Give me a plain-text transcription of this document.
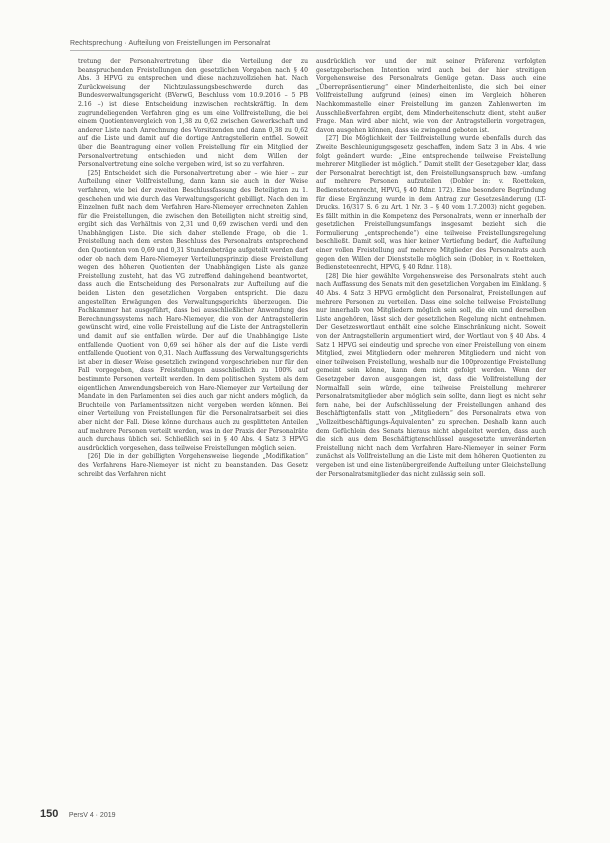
Rechtsprechung · Aufteilung von Freistellungen im Personalrat

tretung der Personalvertretung über die Verteilung der zu beanspruchenden Freistellungen den gesetzlichen Vorgaben nach § 40 Abs. 3 HPVG zu entsprechen und diese nachzuvollziehen hat. Nach Zurückweisung der Nichtzulassungsbeschwerde durch das Bundesverwaltungsgericht (BVerwG, Beschluss vom 10.9.2016 – 5 PB 2.16 –) ist diese Entscheidung inzwischen rechtskräftig. In dem zugrundeliegenden Verfahren ging es um eine Vollfreistellung, die bei einem Quotientenvergleich von 1,38 zu 0,62 zwischen Gewerkschaft und anderer Liste nach Anrechnung des Vorsitzenden und dann 0,38 zu 0,62 auf die Liste und damit auf die dortige Antragstellerin entfiel. Soweit über die Beantragung einer vollen Freistellung für ein Mitglied der Personalvertretung entschieden und nicht dem Willen der Personalvertretung eine solche vergeben wird, ist so zu verfahren.

[25] Entscheidet sich die Personalvertretung aber – wie hier – zur Aufteilung einer Vollfreistellung, dann kann sie auch in der Weise verfahren, wie bei der zweiten Beschlussfassung des Beteiligten zu 1. geschehen und wie durch das Verwaltungsgericht gebilligt. Nach den im Einzelnen fußt nach dem Verfahren Hare-Niemeyer errechneten Zahlen für die Freistellungen, die zwischen den Beteiligten nicht streitig sind, ergibt sich das Verhältnis von 2,31 und 0,69 zwischen verdi und den Unabhängigen Liste. Die sich daher stellende Frage, ob die 1. Freistellung nach dem ersten Beschluss des Personalrats entsprechend den Quotienten von 0,69 und 0,31 Stundenbeträge aufgeteilt werden darf oder ob nach dem Hare-Niemeyer Verteilungsprinzip diese Freistellung wegen des höheren Quotienten der Unabhängigen Liste als ganze Freistellung zusteht, hat das VG zutreffend dahingehend beantwortet, dass auch die Entscheidung des Personalrats zur Aufteilung auf die beiden Listen den gesetzlichen Vorgaben entspricht. Die dazu angestellten Erwägungen des Verwaltungsgerichts überzeugen. Die Fachkammer hat ausgeführt, dass bei ausschließlicher Anwendung des Berechnungssystems nach Hare-Niemeyer, die von der Antragstellerin gewünscht wird, eine volle Freistellung auf die Liste der Antragstellerin und damit auf sie entfallen würde. Der auf die Unabhängige Liste entfallende Quotient von 0,69 sei höher als der auf die Liste verdi entfallende Quotient von 0,31. Nach Auffassung des Verwaltungsgerichts ist aber in dieser Weise gesetzlich zwingend vorgeschrieben nur für den Fall vorgegeben, dass Freistellungen ausschließlich zu 100% auf bestimmte Personen verteilt werden. In dem politischen System als dem eigentlichen Anwendungsbereich von Hare-Niemeyer zur Verteilung der Mandate in den Parlamenten sei dies auch gar nicht anders möglich, da Bruchteile von Parlamentssitzen nicht vergeben werden können. Bei einer Verteilung von Freistellungen für die Personalratsarbeit sei dies aber nicht der Fall. Diese könne durchaus auch zu gesplitteten Anteilen auf mehrere Personen verteilt werden, was in der Praxis der Personalräte auch durchaus üblich sei. Schließlich sei in § 40 Abs. 4 Satz 3 HPVG ausdrücklich vorgesehen, dass teilweise Freistellungen möglich seien.

[26] Die in der gebilligten Vorgehensweise liegende „Modifikation“ des Verfahrens Hare-Niemeyer ist nicht zu beanstanden. Das Gesetz schreibt das Verfahren nicht

ausdrücklich vor und der mit seiner Präferenz verfolgten gesetzgeberischen Intention wird auch bei der hier streitigen Vorgehensweise des Personalrats Genüge getan. Dass auch eine „Überrepräsentierung“ einer Minderheitenliste, die sich bei einer Vollfreistellung aufgrund (eines) einen im Vergleich höheren Nachkommastelle einer Freistellung im ganzen Zahlenwerten im Ausschließverfahren ergibt, dem Minderheitenschutz dient, steht außer Frage. Man wird aber nicht, wie von der Antragstellerin vorgetragen, davon ausgehen können, dass sie zwingend geboten ist.

[27] Die Möglichkeit der Teilfreistellung wurde ebenfalls durch das Zweite Beschleunigungsgesetz geschaffen, indem Satz 3 in Abs. 4 wie folgt geändert wurde: „Eine entsprechende teilweise Freistellung mehrerer Mitglieder ist möglich.“ Damit stellt der Gesetzgeber klar, dass der Personalrat berechtigt ist, den Freistellungsanspruch bzw. -umfang auf mehrere Personen aufzuteilen (Dobler in: v. Roetteken, Bediensteteenrecht, HPVG, § 40 Rdnr. 172). Eine besondere Begründung für diese Ergänzung wurde in dem Antrag zur Gesetzesänderung (LT-Drucks. 16/317 S. 6 zu Art. 1 Nr. 3 – § 40 vom 1.7.2003) nicht gegeben. Es fällt mithin in die Kompetenz des Personalrats, wenn er innerhalb der gesetzlichen Freistellungsumfangs insgesamt bezieht sich die Formulierung „entsprechende“) eine teilweise Freistellungsregelung beschließt. Damit soll, was hier keiner Vertiefung bedarf, die Aufteilung einer vollen Freistellung auf mehrere Mitglieder des Personalrats auch gegen den Willen der Dienststelle möglich sein (Dobler, in v. Roetteken, Bediensteteenrecht, HPVG, § 40 Rdnr. 118).

[28] Die hier gewählte Vorgehensweise des Personalrats steht auch nach Auffassung des Senats mit den gesetzlichen Vorgaben im Einklang. § 40 Abs. 4 Satz 3 HPVG ermöglicht den Personalrat, Freistellungen auf mehrere Personen zu verteilen. Dass eine solche teilweise Freistellung nur innerhalb von Mitgliedern möglich sein soll, die ein und derselben Liste angehören, lässt sich der gesetzlichen Regelung nicht entnehmen. Der Gesetzeswortlaut enthält eine solche Einschränkung nicht. Soweit von der Antragstellerin argumentiert wird, der Wortlaut von § 40 Abs. 4 Satz 1 HPVG sei eindeutig und spreche von einer Freistellung von einem Mitglied, zwei Mitgliedern oder mehreren Mitgliedern und nicht von einer teilweisen Freistellung, weshalb nur die 100prozentige Freistellung gemeint sein könne, kann dem nicht gefolgt werden. Wenn der Gesetzgeber davon ausgegangen ist, dass die Vollfreistellung der Normalfall sein würde, eine teilweise Freistellung mehrerer Personalratsmitglieder aber möglich sein sollte, dann liegt es nicht sehr fern nahe, bei der Aufschlüsselung der Freistellungen anhand des Beschäftigtenfalls statt von „Mitgliedern“ des Personalrats etwa von „Vollzeitbeschäftigungs-Äquivalenten“ zu sprechen. Deshalb kann auch dem Gefüchlein des Senats hieraus nicht abgeleitet werden, dass auch die sich aus dem Beschäftigtenschlüssel ausgesetzte unveränderten Freistellung nicht nach dem Verfahren Hare-Niemeyer in seiner Form zunächst als Vollfreistellung an die Liste mit dem höheren Quotienten zu vergeben ist und eine listenübergreifende Aufteilung unter Gleichstellung der Personalratsmitglieder das nicht zulässig sein soll.

150 PersV 4 · 2019
